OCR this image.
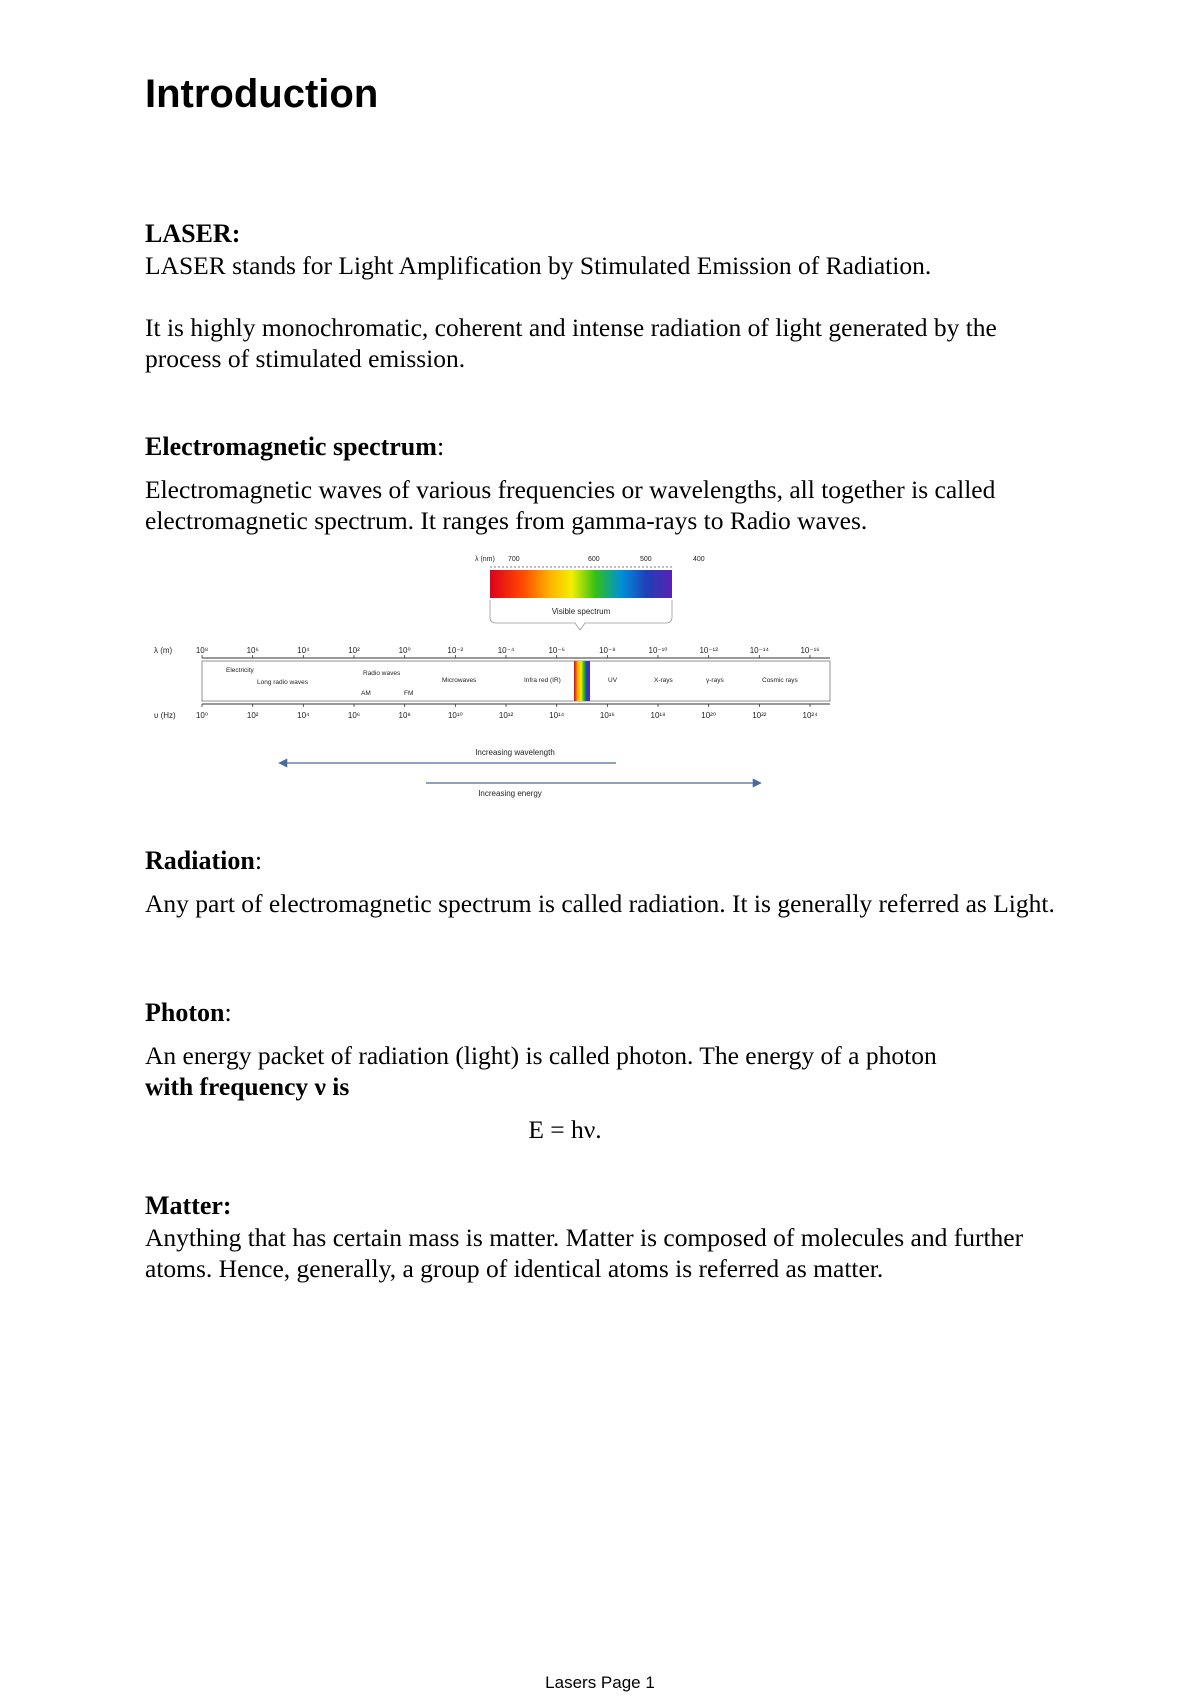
Introduction
LASER:

LASER stands for Light Amplification by Stimulated Emission of Radiation.

It is highly monochromatic, coherent and intense radiation of light generated by the process of stimulated emission.

Electromagnetic spectrum:

Electromagnetic waves of various frequencies or wavelengths, all together is called electromagnetic spectrum. It ranges from gamma-rays to Radio waves.

λ (nm) 700	600	500	400
Visible spectrum
λ (m)	10⁸	10⁶	10⁴	10²	10⁰	10⁻²	10⁻⁴	10⁻⁶	10⁻⁸	10⁻¹⁰	10⁻¹²	10⁻¹⁴	10⁻¹⁶
Electricity
Long radio waves
Radio waves
AM	FM
Microwaves	Infra red (IR)	UV	X-rays	γ-rays	Cosmic rays
υ (Hz)	10⁰	10²	10⁴	10⁶	10⁸	10¹⁰	10¹²	10¹⁴	10¹⁶	10¹⁸	10²⁰	10²²	10²⁴
Increasing wavelength
Increasing energy
Radiation:

Any part of electromagnetic spectrum is called radiation. It is generally referred as Light.

Photon:

An energy packet of radiation (light) is called photon. The energy of a photon
with frequency ν is

E = hν.
Matter:

Anything that has certain mass is matter. Matter is composed of molecules and further atoms. Hence, generally, a group of identical atoms is referred as matter.

Lasers Page 1
